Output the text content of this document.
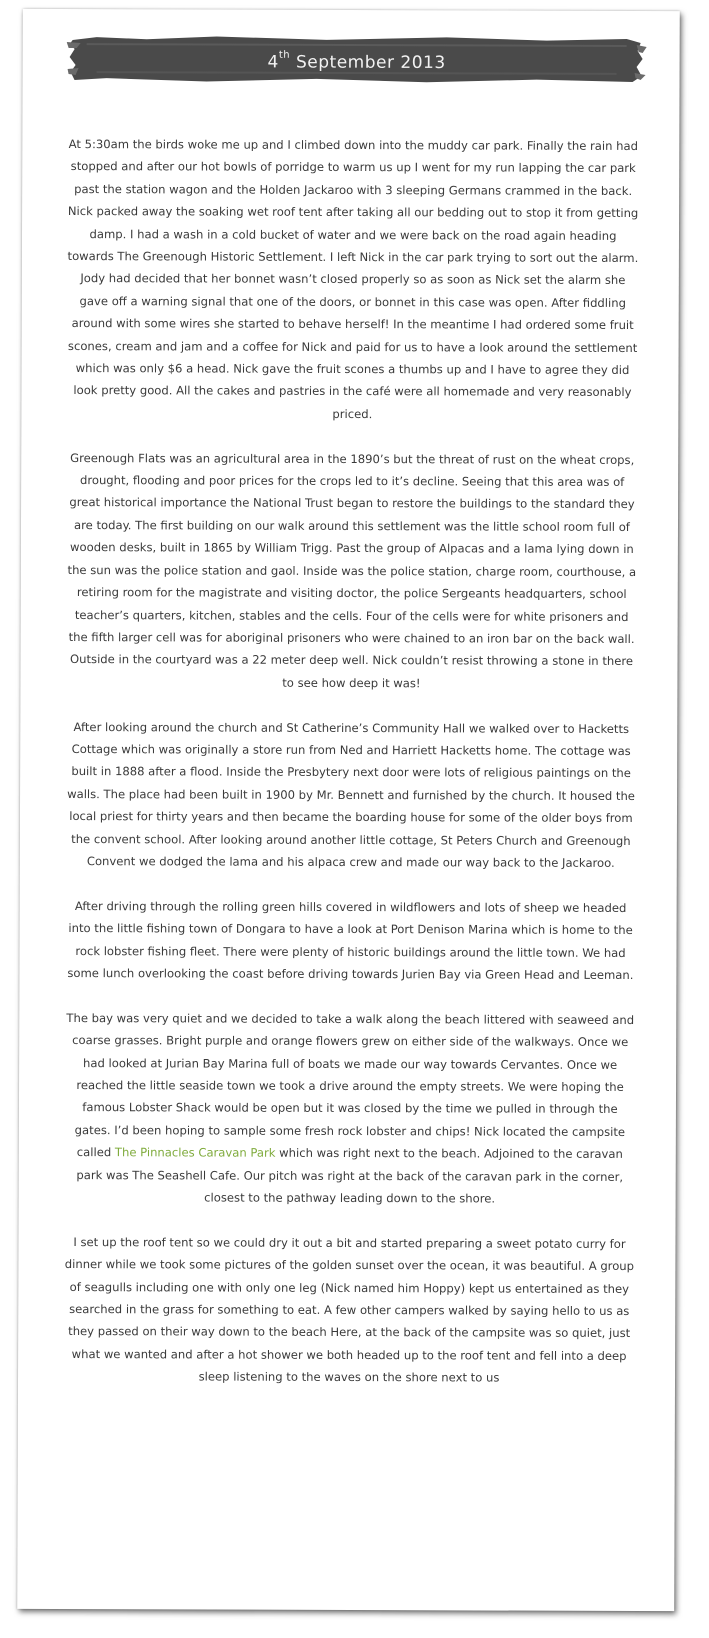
4th September 2013

At 5:30am the birds woke me up and I climbed down into the muddy car park. Finally the rain had stopped and after our hot bowls of porridge to warm us up I went for my run lapping the car park past the station wagon and the Holden Jackaroo with 3 sleeping Germans crammed in the back. Nick packed away the soaking wet roof tent after taking all our bedding out to stop it from getting damp. I had a wash in a cold bucket of water and we were back on the road again heading towards The Greenough Historic Settlement. I left Nick in the car park trying to sort out the alarm. Jody had decided that her bonnet wasn’t closed properly so as soon as Nick set the alarm she gave off a warning signal that one of the doors, or bonnet in this case was open. After fiddling around with some wires she started to behave herself! In the meantime I had ordered some fruit scones, cream and jam and a coffee for Nick and paid for us to have a look around the settlement which was only $6 a head. Nick gave the fruit scones a thumbs up and I have to agree they did look pretty good. All the cakes and pastries in the café were all homemade and very reasonably priced.

Greenough Flats was an agricultural area in the 1890’s but the threat of rust on the wheat crops, drought, flooding and poor prices for the crops led to it’s decline. Seeing that this area was of great historical importance the National Trust began to restore the buildings to the standard they are today. The first building on our walk around this settlement was the little school room full of wooden desks, built in 1865 by William Trigg. Past the group of Alpacas and a lama lying down in the sun was the police station and gaol. Inside was the police station, charge room, courthouse, a retiring room for the magistrate and visiting doctor, the police Sergeants headquarters, school teacher’s quarters, kitchen, stables and the cells. Four of the cells were for white prisoners and the fifth larger cell was for aboriginal prisoners who were chained to an iron bar on the back wall. Outside in the courtyard was a 22 meter deep well. Nick couldn’t resist throwing a stone in there to see how deep it was!

After looking around the church and St Catherine’s Community Hall we walked over to Hacketts Cottage which was originally a store run from Ned and Harriett Hacketts home. The cottage was built in 1888 after a flood. Inside the Presbytery next door were lots of religious paintings on the walls. The place had been built in 1900 by Mr. Bennett and furnished by the church. It housed the local priest for thirty years and then became the boarding house for some of the older boys from the convent school. After looking around another little cottage, St Peters Church and Greenough Convent we dodged the lama and his alpaca crew and made our way back to the Jackaroo.

After driving through the rolling green hills covered in wildflowers and lots of sheep we headed into the little fishing town of Dongara to have a look at Port Denison Marina which is home to the rock lobster fishing fleet. There were plenty of historic buildings around the little town. We had some lunch overlooking the coast before driving towards Jurien Bay via Green Head and Leeman.

The bay was very quiet and we decided to take a walk along the beach littered with seaweed and coarse grasses. Bright purple and orange flowers grew on either side of the walkways. Once we had looked at Jurian Bay Marina full of boats we made our way towards Cervantes. Once we reached the little seaside town we took a drive around the empty streets. We were hoping the famous Lobster Shack would be open but it was closed by the time we pulled in through the gates. I’d been hoping to sample some fresh rock lobster and chips! Nick located the campsite called The Pinnacles Caravan Park which was right next to the beach. Adjoined to the caravan park was The Seashell Cafe. Our pitch was right at the back of the caravan park in the corner, closest to the pathway leading down to the shore.

I set up the roof tent so we could dry it out a bit and started preparing a sweet potato curry for dinner while we took some pictures of the golden sunset over the ocean, it was beautiful. A group of seagulls including one with only one leg (Nick named him Hoppy) kept us entertained as they searched in the grass for something to eat. A few other campers walked by saying hello to us as they passed on their way down to the beach Here, at the back of the campsite was so quiet, just what we wanted and after a hot shower we both headed up to the roof tent and fell into a deep sleep listening to the waves on the shore next to us
